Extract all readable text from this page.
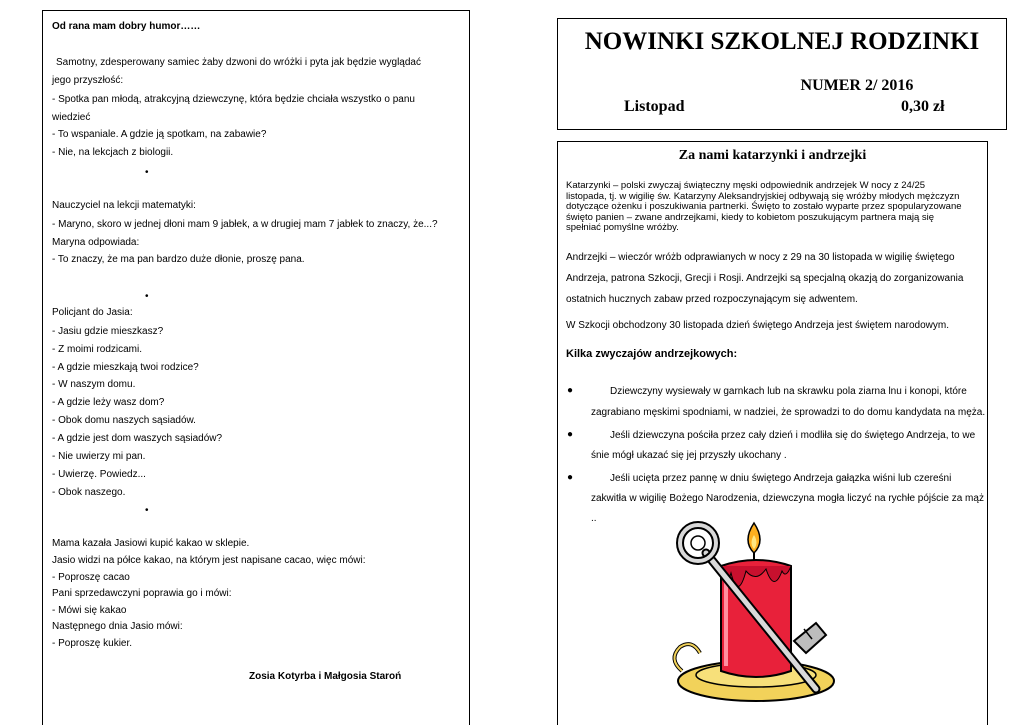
Od rana mam dobry humor……
Samotny, zdesperowany samiec żaby dzwoni do wróżki i pyta jak będzie wyglądać
jego przyszłość:
- Spotka pan młodą, atrakcyjną dziewczynę, która będzie chciała wszystko o panu
wiedzieć
- To wspaniale. A gdzie ją spotkam, na zabawie?
- Nie, na lekcjach z biologii.
•
Nauczyciel na lekcji matematyki:
- Maryno, skoro w jednej dłoni mam 9 jabłek, a w drugiej mam 7 jabłek to znaczy, że...?
Maryna odpowiada:
- To znaczy, że ma pan bardzo duże dłonie, proszę pana.
•
Policjant do Jasia:
- Jasiu gdzie mieszkasz?
- Z moimi rodzicami.
- A gdzie mieszkają twoi rodzice?
- W naszym domu.
- A gdzie leży wasz dom?
- Obok domu naszych sąsiadów.
- A gdzie jest dom waszych sąsiadów?
- Nie uwierzy mi pan.
- Uwierzę. Powiedz...
- Obok naszego.
•
Mama kazała Jasiowi kupić kakao w sklepie.
Jasio widzi na półce kakao, na którym jest napisane cacao, więc mówi:
- Poproszę cacao
Pani sprzedawczyni poprawia go i mówi:
- Mówi się kakao
Następnego dnia Jasio mówi:
- Poproszę kukier.
Zosia Kotyrba i Małgosia Staroń
NOWINKI SZKOLNEJ RODZINKI
NUMER 2/ 2016
Listopad	0,30 zł
Za nami katarzynki i andrzejki
Katarzynki – polski zwyczaj świąteczny męski odpowiednik andrzejek W nocy z 24/25
listopada, tj. w wigilię św. Katarzyny Aleksandryjskiej odbywają się wróżby młodych mężczyzn
dotyczące ożenku i poszukiwania partnerki. Święto to zostało wyparte przez spopularyzowane
święto panien – zwane andrzejkami, kiedy to kobietom poszukującym partnera mają się
spełniać pomyślne wróżby.
Andrzejki – wieczór wróżb odprawianych w nocy z 29 na 30 listopada w wigilię świętego
Andrzeja, patrona Szkocji, Grecji i Rosji. Andrzejki są specjalną okazją do zorganizowania
ostatnich hucznych zabaw przed rozpoczynającym się adwentem.
W Szkocji obchodzony 30 listopada dzień świętego Andrzeja jest świętem narodowym.
Kilka zwyczajów andrzejkowych:
●	Dziewczyny wysiewały w garnkach lub na skrawku pola ziarna lnu i konopi, które
zagrabiano męskimi spodniami, w nadziei, że sprowadzi to do domu kandydata na męża.
●	Jeśli dziewczyna pościła przez cały dzień i modliła się do świętego Andrzeja, to we
śnie mógł ukazać się jej przyszły ukochany .
●	Jeśli ucięta przez pannę w dniu świętego Andrzeja gałązka wiśni lub czereśni
zakwitła w wigilię Bożego Narodzenia, dziewczyna mogła liczyć na rychłe pójście za mąż
..
